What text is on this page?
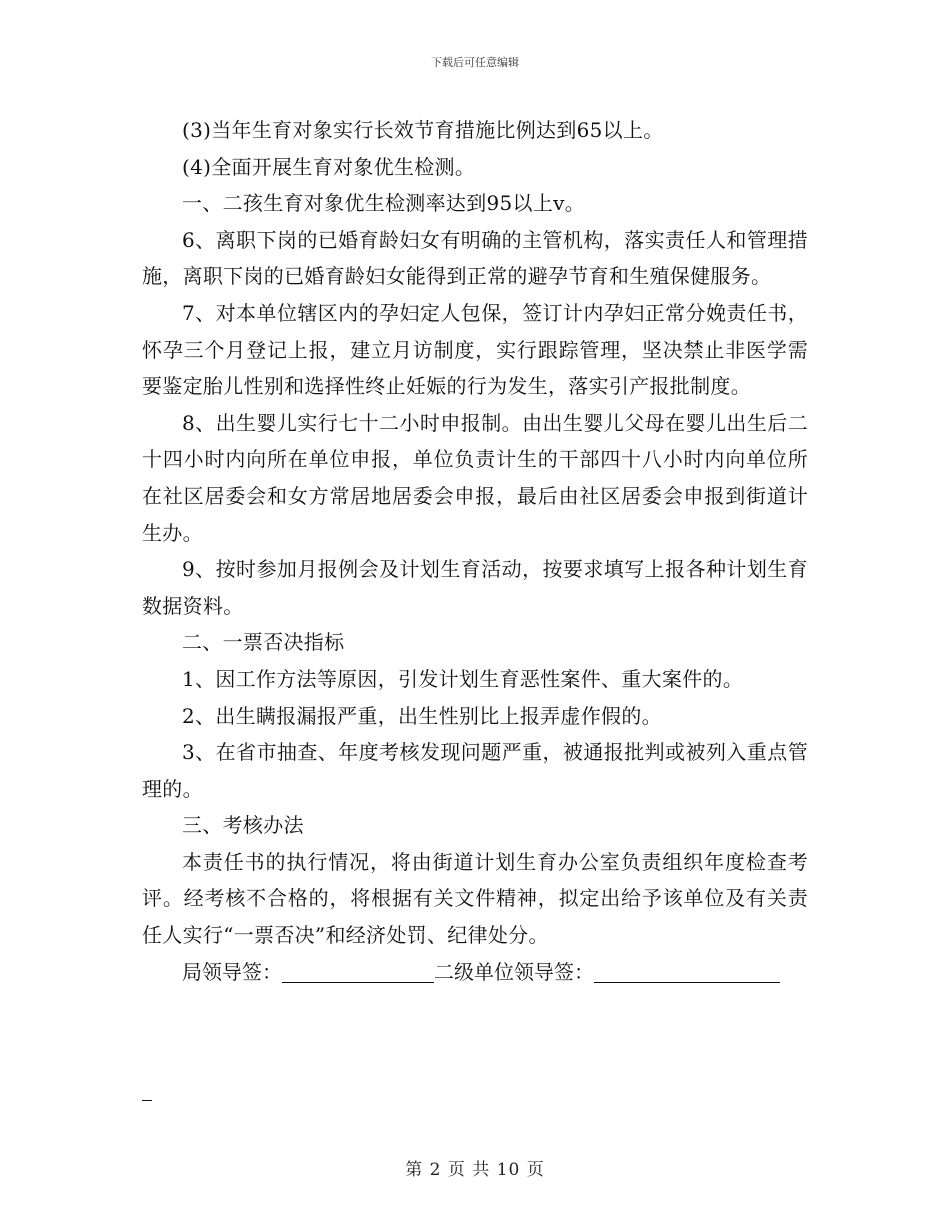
下载后可任意编辑

(3)当年生育对象实行长效节育措施比例达到65以上。

(4)全面开展生育对象优生检测。

一、二孩生育对象优生检测率达到95以上v。

6、离职下岗的已婚育龄妇女有明确的主管机构，落实责任人和管理措施，离职下岗的已婚育龄妇女能得到正常的避孕节育和生殖保健服务。

7、对本单位辖区内的孕妇定人包保，签订计内孕妇正常分娩责任书，怀孕三个月登记上报，建立月访制度，实行跟踪管理，坚决禁止非医学需要鉴定胎儿性别和选择性终止妊娠的行为发生，落实引产报批制度。

8、出生婴儿实行七十二小时申报制。由出生婴儿父母在婴儿出生后二十四小时内向所在单位申报，单位负责计生的干部四十八小时内向单位所在社区居委会和女方常居地居委会申报，最后由社区居委会申报到街道计生办。

9、按时参加月报例会及计划生育活动，按要求填写上报各种计划生育数据资料。

二、一票否决指标

1、因工作方法等原因，引发计划生育恶性案件、重大案件的。

2、出生瞒报漏报严重，出生性别比上报弄虚作假的。

3、在省市抽查、年度考核发现问题严重，被通报批判或被列入重点管理的。

三、考核办法

本责任书的执行情况，将由街道计划生育办公室负责组织年度检查考评。经考核不合格的，将根据有关文件精神，拟定出给予该单位及有关责任人实行“一票否决”和经济处罚、纪律处分。

局领导签：	二级单位领导签：

第 2 页 共 10 页
